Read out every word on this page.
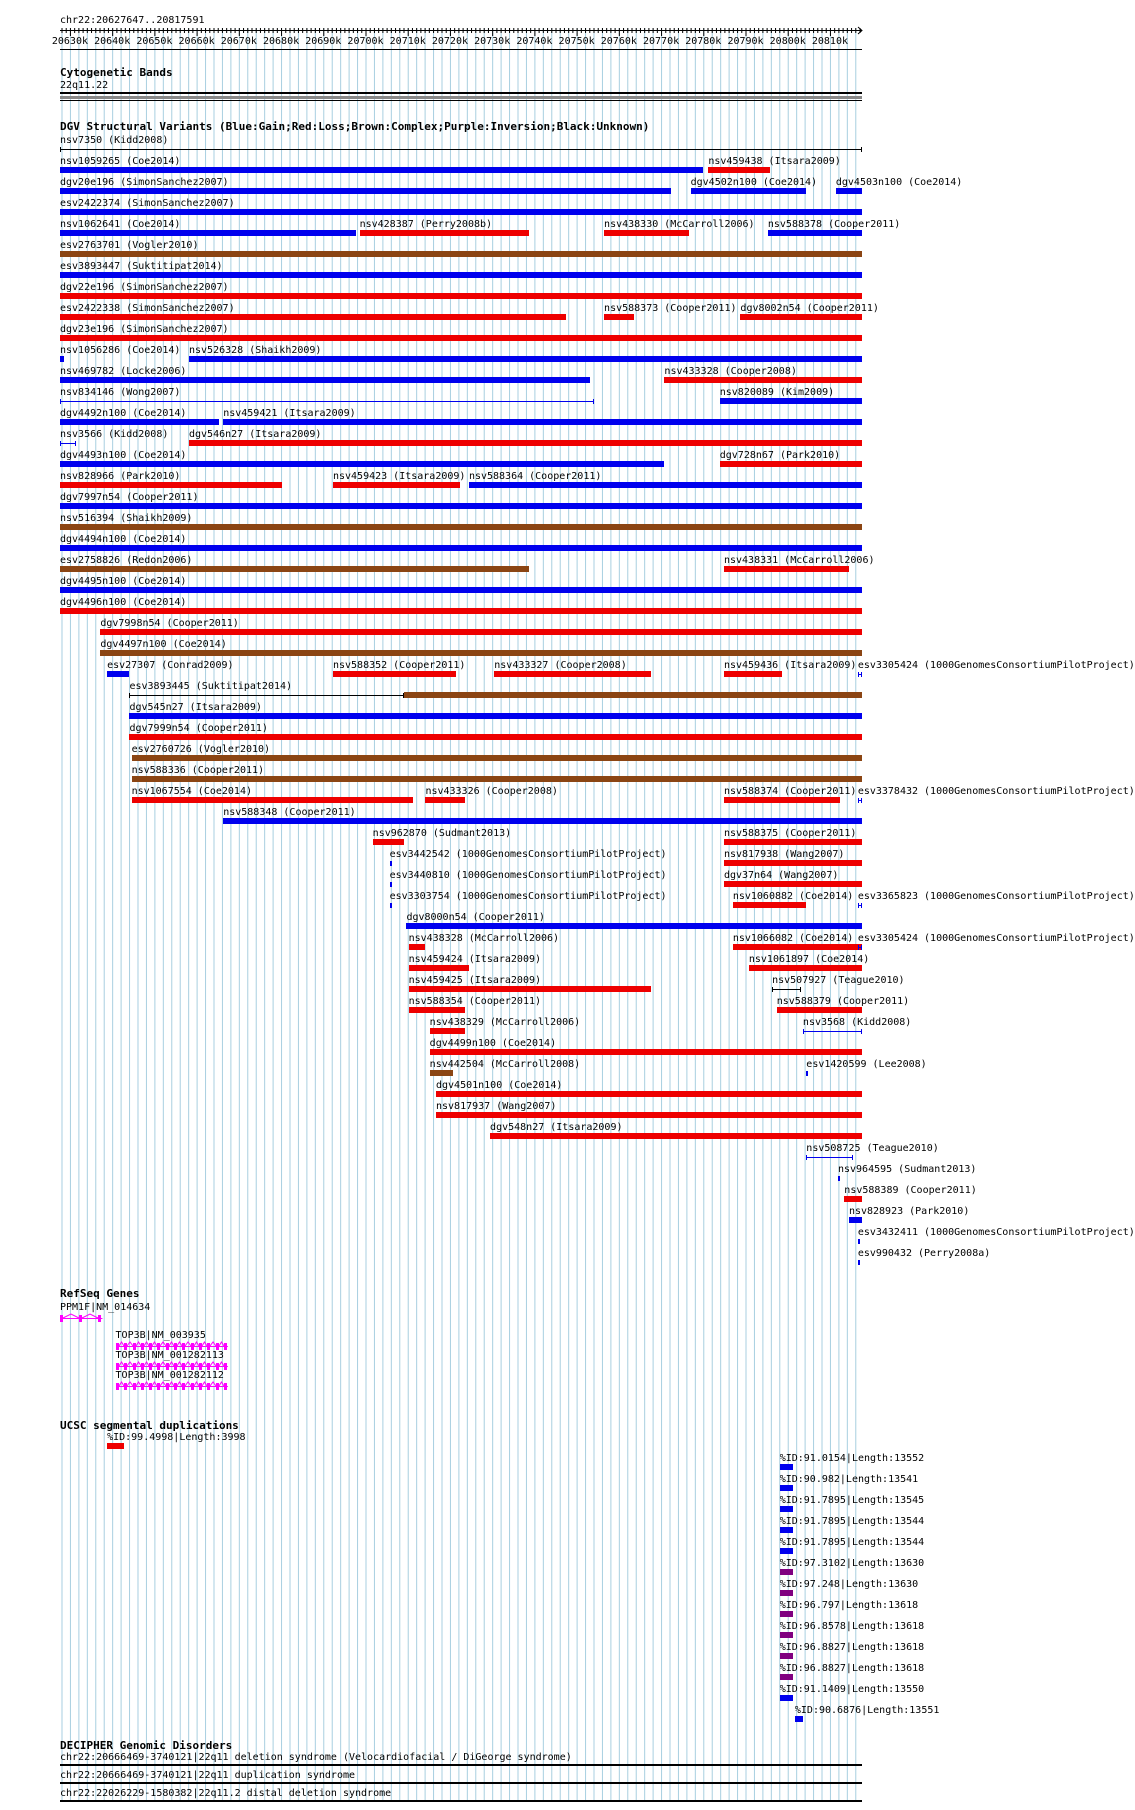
chr22:20627647..20817591
20630k 20640k 20650k 20660k 20670k 20680k 20690k 20700k 20710k 20720k 20730k 20740k 20750k 20760k 20770k 20780k 20790k 20800k 20810k
Cytogenetic Bands
22q11.22
DGV Structural Variants (Blue:Gain;Red:Loss;Brown:Complex;Purple:Inversion;Black:Unknown)
nsv7350 (Kidd2008)
nsv1059265 (Coe2014)	nsv459438 (Itsara2009)
dgv20e196 (SimonSanchez2007)	dgv4502n100 (Coe2014) dgv4503n100 (Coe2014)
esv2422374 (SimonSanchez2007)
nsv1062641 (Coe2014)	nsv428387 (Perry2008b)	nsv438330 (McCarroll2006) nsv588378 (Cooper2011)
esv2763701 (Vogler2010)
esv3893447 (Suktitipat2014)
dgv22e196 (SimonSanchez2007)
esv2422338 (SimonSanchez2007)	nsv588373 (Cooper2011) dgv8002n54 (Cooper2011)
dgv23e196 (SimonSanchez2007)
nsv1056286 (Coe2014) nsv526328 (Shaikh2009)
nsv469782 (Locke2006)	nsv433328 (Cooper2008)
nsv834146 (Wong2007)	nsv820089 (Kim2009)
dgv4492n100 (Coe2014)	nsv459421 (Itsara2009)
nsv3566 (Kidd2008) dgv546n27 (Itsara2009)
dgv4493n100 (Coe2014)	dgv728n67 (Park2010)
nsv828966 (Park2010)	nsv459423 (Itsara2009) nsv588364 (Cooper2011)
dgv7997n54 (Cooper2011)
nsv516394 (Shaikh2009)
dgv4494n100 (Coe2014)
esv2758826 (Redon2006)	nsv438331 (McCarroll2006)
dgv4495n100 (Coe2014)
dgv4496n100 (Coe2014)
dgv7998n54 (Cooper2011)
dgv4497n100 (Coe2014)
esv27307 (Conrad2009)	nsv588352 (Cooper2011)	nsv433327 (Cooper2008)	nsv459436 (Itsara2009) esv3305424 (1000GenomesConsortiumPilotProject)
esv3893445 (Suktitipat2014)
dgv545n27 (Itsara2009)
dgv7999n54 (Cooper2011)
esv2760726 (Vogler2010)
nsv588336 (Cooper2011)
nsv1067554 (Coe2014)	nsv433326 (Cooper2008)	nsv588374 (Cooper2011) esv3378432 (1000GenomesConsortiumPilotProject)
nsv588348 (Cooper2011)
nsv962870 (Sudmant2013)	nsv588375 (Cooper2011)
esv3442542 (1000GenomesConsortiumPilotProject)	nsv817938 (Wang2007)
esv3440810 (1000GenomesConsortiumPilotProject)	dgv37n64 (Wang2007)
esv3303754 (1000GenomesConsortiumPilotProject)	nsv1060882 (Coe2014) esv3365823 (1000GenomesConsortiumPilotProject)
dgv8000n54 (Cooper2011)
nsv438328 (McCarroll2006)	nsv1066082 (Coe2014) esv3305424 (1000GenomesConsortiumPilotProject)
nsv459424 (Itsara2009)	nsv1061897 (Coe2014)
nsv459425 (Itsara2009)	nsv507927 (Teague2010)
nsv588354 (Cooper2011)	nsv588379 (Cooper2011)
nsv438329 (McCarroll2006)	nsv3568 (Kidd2008)
dgv4499n100 (Coe2014)
nsv442504 (McCarroll2008)	esv1420599 (Lee2008)
dgv4501n100 (Coe2014)
nsv817937 (Wang2007)
dgv548n27 (Itsara2009)
nsv508725 (Teague2010)
nsv964595 (Sudmant2013)
nsv588389 (Cooper2011)
nsv828923 (Park2010)
esv3432411 (1000GenomesConsortiumPilotProject)
esv990432 (Perry2008a)
RefSeq Genes
PPM1F|NM_014634
TOP3B|NM_003935
TOP3B|NM_001282113
TOP3B|NM_001282112
UCSC segmental duplications
%ID:99.4998|Length:3998
%ID:91.0154|Length:13552
%ID:90.982|Length:13541
%ID:91.7895|Length:13545
%ID:91.7895|Length:13544
%ID:91.7895|Length:13544
%ID:97.3102|Length:13630
%ID:97.248|Length:13630
%ID:96.797|Length:13618
%ID:96.8578|Length:13618
%ID:96.8827|Length:13618
%ID:96.8827|Length:13618
%ID:91.1409|Length:13550
%ID:90.6876|Length:13551
DECIPHER Genomic Disorders
chr22:20666469-3740121|22q11 deletion syndrome (Velocardiofacial / DiGeorge syndrome)
chr22:20666469-3740121|22q11 duplication syndrome
chr22:22026229-1580382|22q11.2 distal deletion syndrome
